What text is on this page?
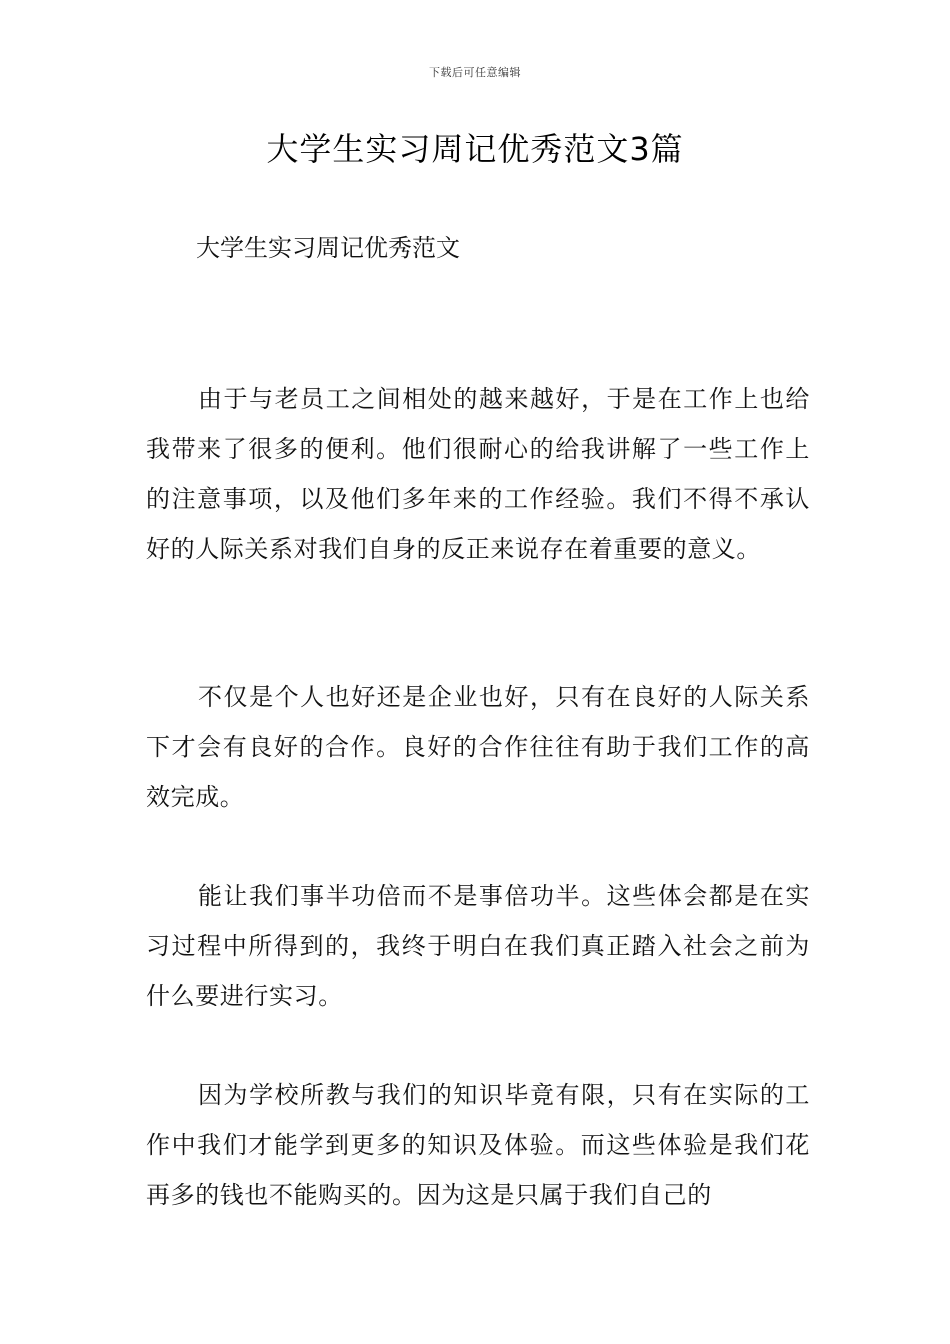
下载后可任意编辑
大学生实习周记优秀范文3篇
大学生实习周记优秀范文

由于与老员工之间相处的越来越好，于是在工作上也给我带来了很多的便利。他们很耐心的给我讲解了一些工作上的注意事项，以及他们多年来的工作经验。我们不得不承认好的人际关系对我们自身的反正来说存在着重要的意义。

不仅是个人也好还是企业也好，只有在良好的人际关系下才会有良好的合作。良好的合作往往有助于我们工作的高效完成。

能让我们事半功倍而不是事倍功半。这些体会都是在实习过程中所得到的，我终于明白在我们真正踏入社会之前为什么要进行实习。

因为学校所教与我们的知识毕竟有限，只有在实际的工作中我们才能学到更多的知识及体验。而这些体验是我们花再多的钱也不能购买的。因为这是只属于我们自己的
